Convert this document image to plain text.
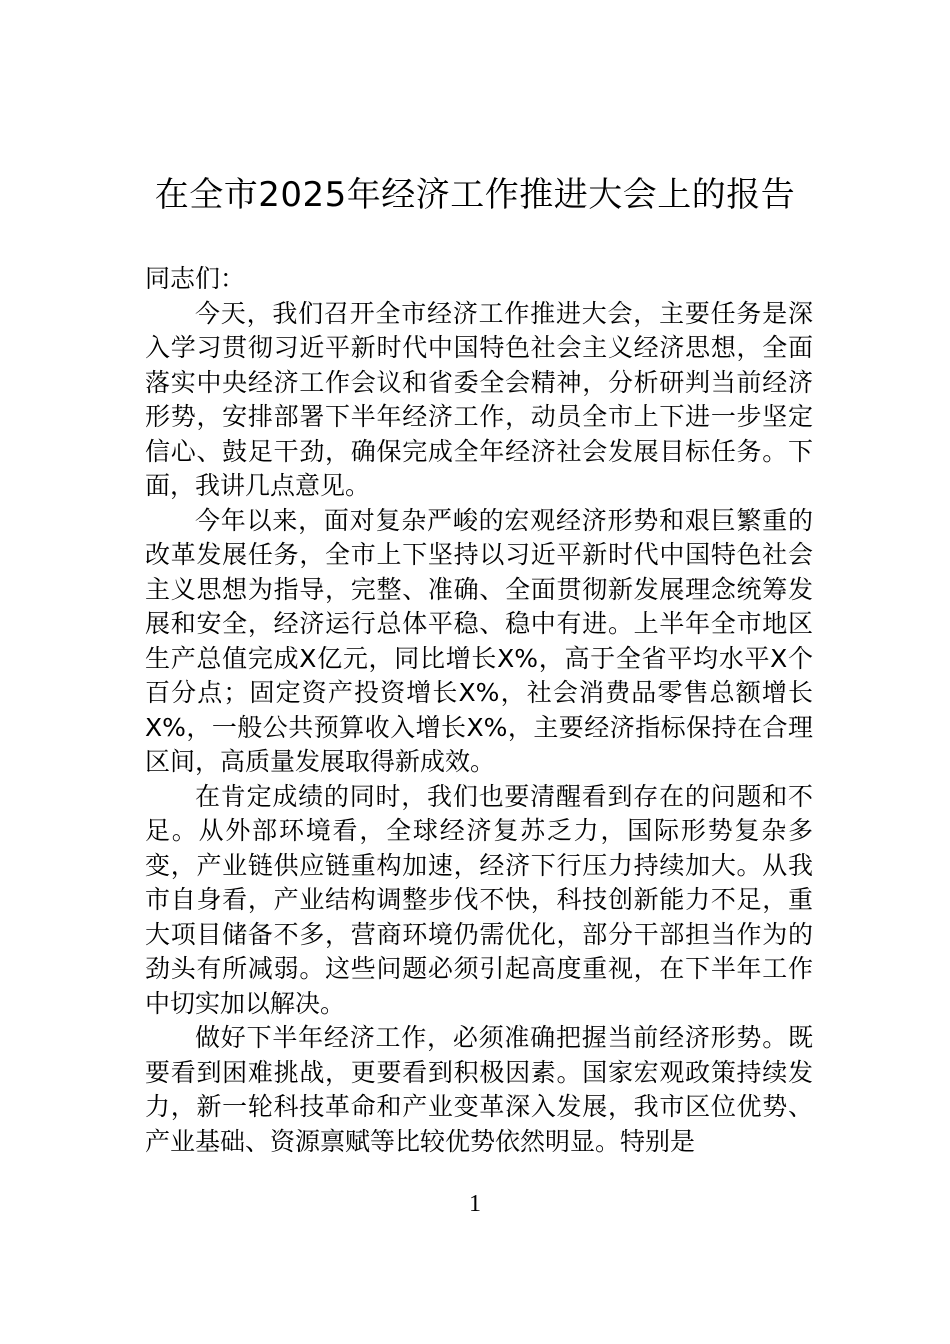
在全市2025年经济工作推进大会上的报告

同志们：

今天，我们召开全市经济工作推进大会，主要任务是深入学习贯彻习近平新时代中国特色社会主义经济思想，全面落实中央经济工作会议和省委全会精神，分析研判当前经济形势，安排部署下半年经济工作，动员全市上下进一步坚定信心、鼓足干劲，确保完成全年经济社会发展目标任务。下面，我讲几点意见。

今年以来，面对复杂严峻的宏观经济形势和艰巨繁重的改革发展任务，全市上下坚持以习近平新时代中国特色社会主义思想为指导，完整、准确、全面贯彻新发展理念统筹发展和安全，经济运行总体平稳、稳中有进。上半年全市地区生产总值完成X亿元，同比增长X%，高于全省平均水平X个百分点；固定资产投资增长X%，社会消费品零售总额增长X%，一般公共预算收入增长X%，主要经济指标保持在合理区间，高质量发展取得新成效。

在肯定成绩的同时，我们也要清醒看到存在的问题和不足。从外部环境看，全球经济复苏乏力，国际形势复杂多变，产业链供应链重构加速，经济下行压力持续加大。从我市自身看，产业结构调整步伐不快，科技创新能力不足，重大项目储备不多，营商环境仍需优化，部分干部担当作为的劲头有所减弱。这些问题必须引起高度重视，在下半年工作中切实加以解决。

做好下半年经济工作，必须准确把握当前经济形势。既要看到困难挑战，更要看到积极因素。国家宏观政策持续发力，新一轮科技革命和产业变革深入发展，我市区位优势、产业基础、资源禀赋等比较优势依然明显。特别是

1
